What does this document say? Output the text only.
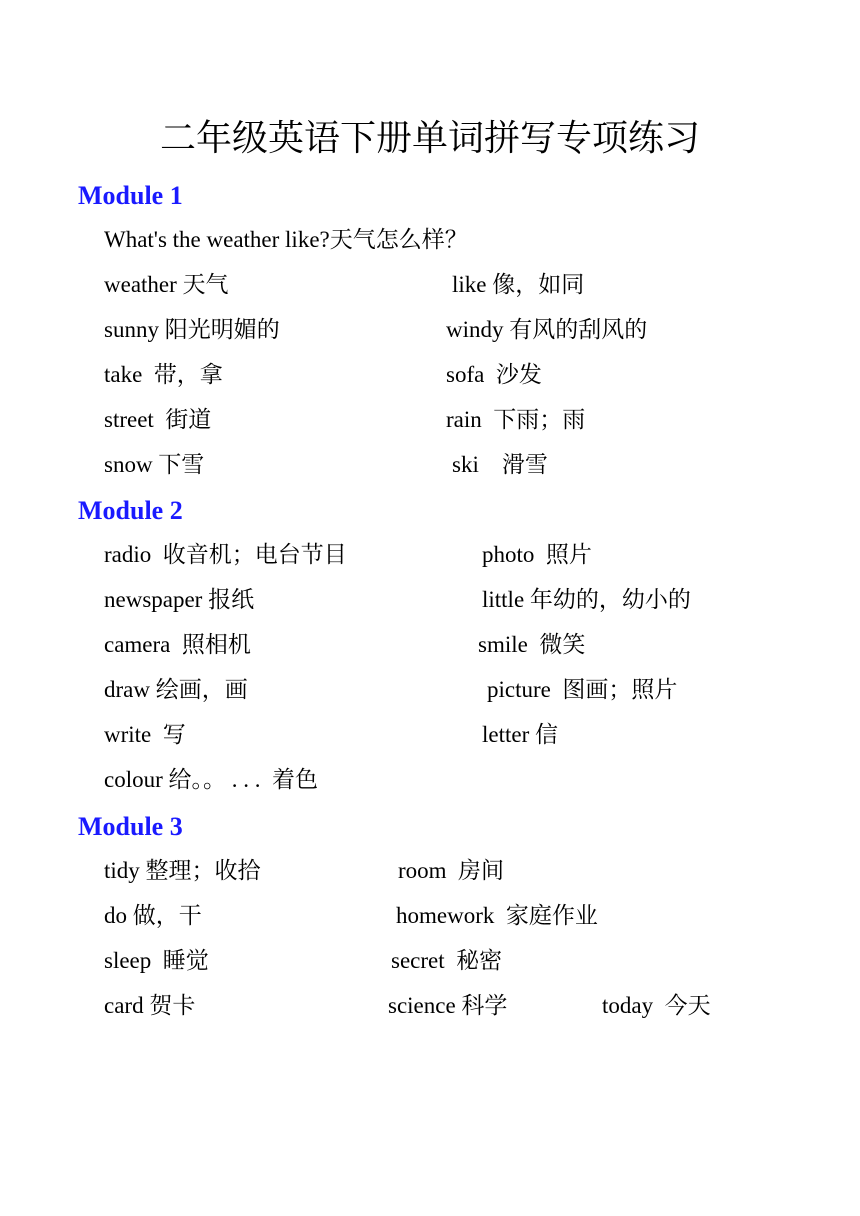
二年级英语下册单词拼写专项练习
Module 1
What's the weather like?天气怎么样？
weather 天气	like 像，如同
sunny 阳光明媚的	windy 有风的刮风的
take  带，拿	sofa  沙发
street  街道	rain  下雨；雨
snow 下雪	ski    滑雪
Module 2
radio  收音机；电台节目	photo  照片
newspaper 报纸	little 年幼的，幼小的
camera  照相机	smile  微笑
draw 绘画，画	picture  图画；照片
write  写	letter 信
colour 给。。 . . .  着色
Module 3
tidy 整理；收拾	room  房间
do 做，干	homework  家庭作业
sleep  睡觉	secret  秘密
card 贺卡	science 科学	today  今天
